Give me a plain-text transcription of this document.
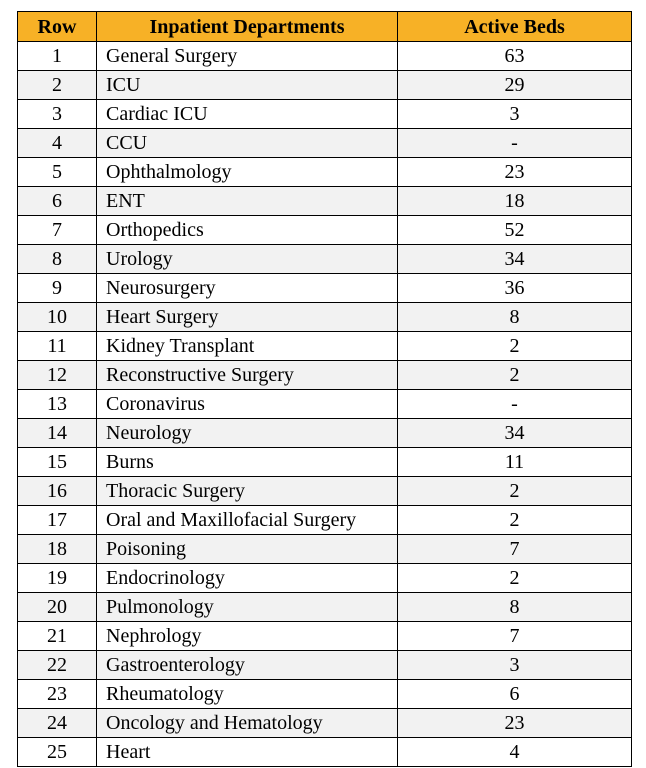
Row	Inpatient Departments	Active Beds
1	General Surgery	63
2	ICU	29
3	Cardiac ICU	3
4	CCU	-
5	Ophthalmology	23
6	ENT	18
7	Orthopedics	52
8	Urology	34
9	Neurosurgery	36
10	Heart Surgery	8
11	Kidney Transplant	2
12	Reconstructive Surgery	2
13	Coronavirus	-
14	Neurology	34
15	Burns	11
16	Thoracic Surgery	2
17	Oral and Maxillofacial Surgery	2
18	Poisoning	7
19	Endocrinology	2
20	Pulmonology	8
21	Nephrology	7
22	Gastroenterology	3
23	Rheumatology	6
24	Oncology and Hematology	23
25	Heart	4
